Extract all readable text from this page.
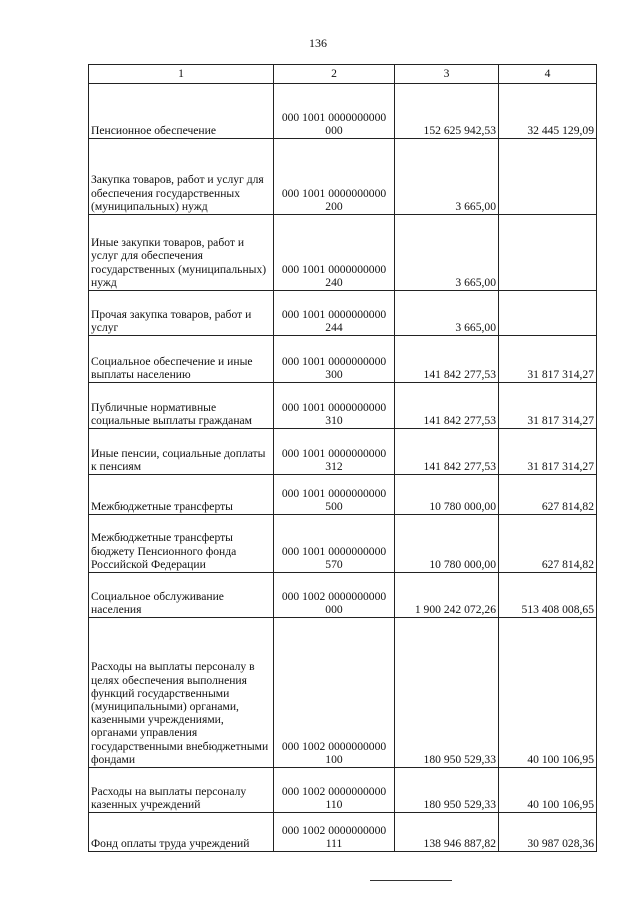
136
1	2	3	4
Пенсионное обеспечение	000 1001 0000000000 000	152 625 942,53	32 445 129,09
Закупка товаров, работ и услуг для обеспечения государственных (муниципальных) нужд	000 1001 0000000000 200	3 665,00	
Иные закупки товаров, работ и услуг для обеспечения государственных (муниципальных) нужд	000 1001 0000000000 240	3 665,00	
Прочая закупка товаров, работ и услуг	000 1001 0000000000 244	3 665,00	
Социальное обеспечение и иные выплаты населению	000 1001 0000000000 300	141 842 277,53	31 817 314,27
Публичные нормативные социальные выплаты гражданам	000 1001 0000000000 310	141 842 277,53	31 817 314,27
Иные пенсии, социальные доплаты к пенсиям	000 1001 0000000000 312	141 842 277,53	31 817 314,27
Межбюджетные трансферты	000 1001 0000000000 500	10 780 000,00	627 814,82
Межбюджетные трансферты бюджету Пенсионного фонда Российской Федерации	000 1001 0000000000 570	10 780 000,00	627 814,82
Социальное обслуживание населения	000 1002 0000000000 000	1 900 242 072,26	513 408 008,65
Расходы на выплаты персоналу в целях обеспечения выполнения функций государственными (муниципальными) органами, казенными учреждениями, органами управления государственными внебюджетными фондами	000 1002 0000000000 100	180 950 529,33	40 100 106,95
Расходы на выплаты персоналу казенных учреждений	000 1002 0000000000 110	180 950 529,33	40 100 106,95
Фонд оплаты труда учреждений	000 1002 0000000000 111	138 946 887,82	30 987 028,36
